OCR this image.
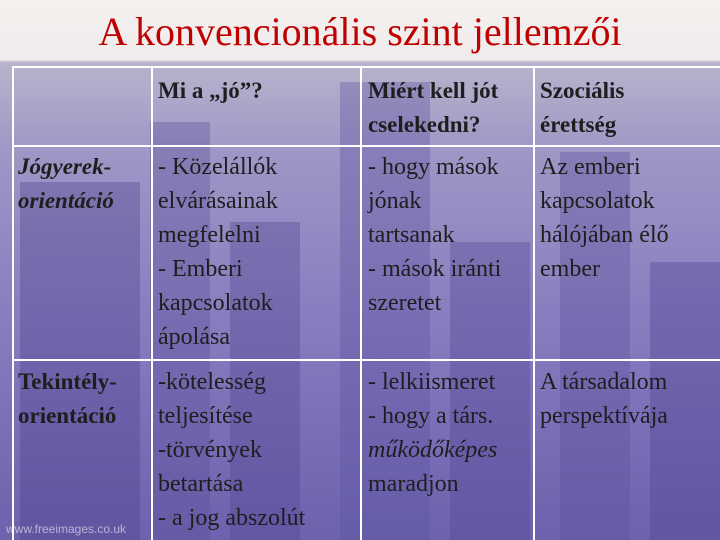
A konvencionális szint jellemzői
Mi a „jó”?	Miért kell jót
cselekedni?
Szociális
érettség
Jógyerek-
orientáció
- Közelállók
elvárásainak
megfelelni
- Emberi
kapcsolatok
ápolása
- hogy mások
jónak
tartsanak
- mások iránti
szeretet
Az emberi
kapcsolatok
hálójában élő
ember
Tekintély-
orientáció
-kötelesség
teljesítése
-törvények
betartása
- a jog abszolút
- lelkiismeret
- hogy a társ.
működőképes
maradjon
A társadalom
perspektívája
www.freeimages.co.uk
